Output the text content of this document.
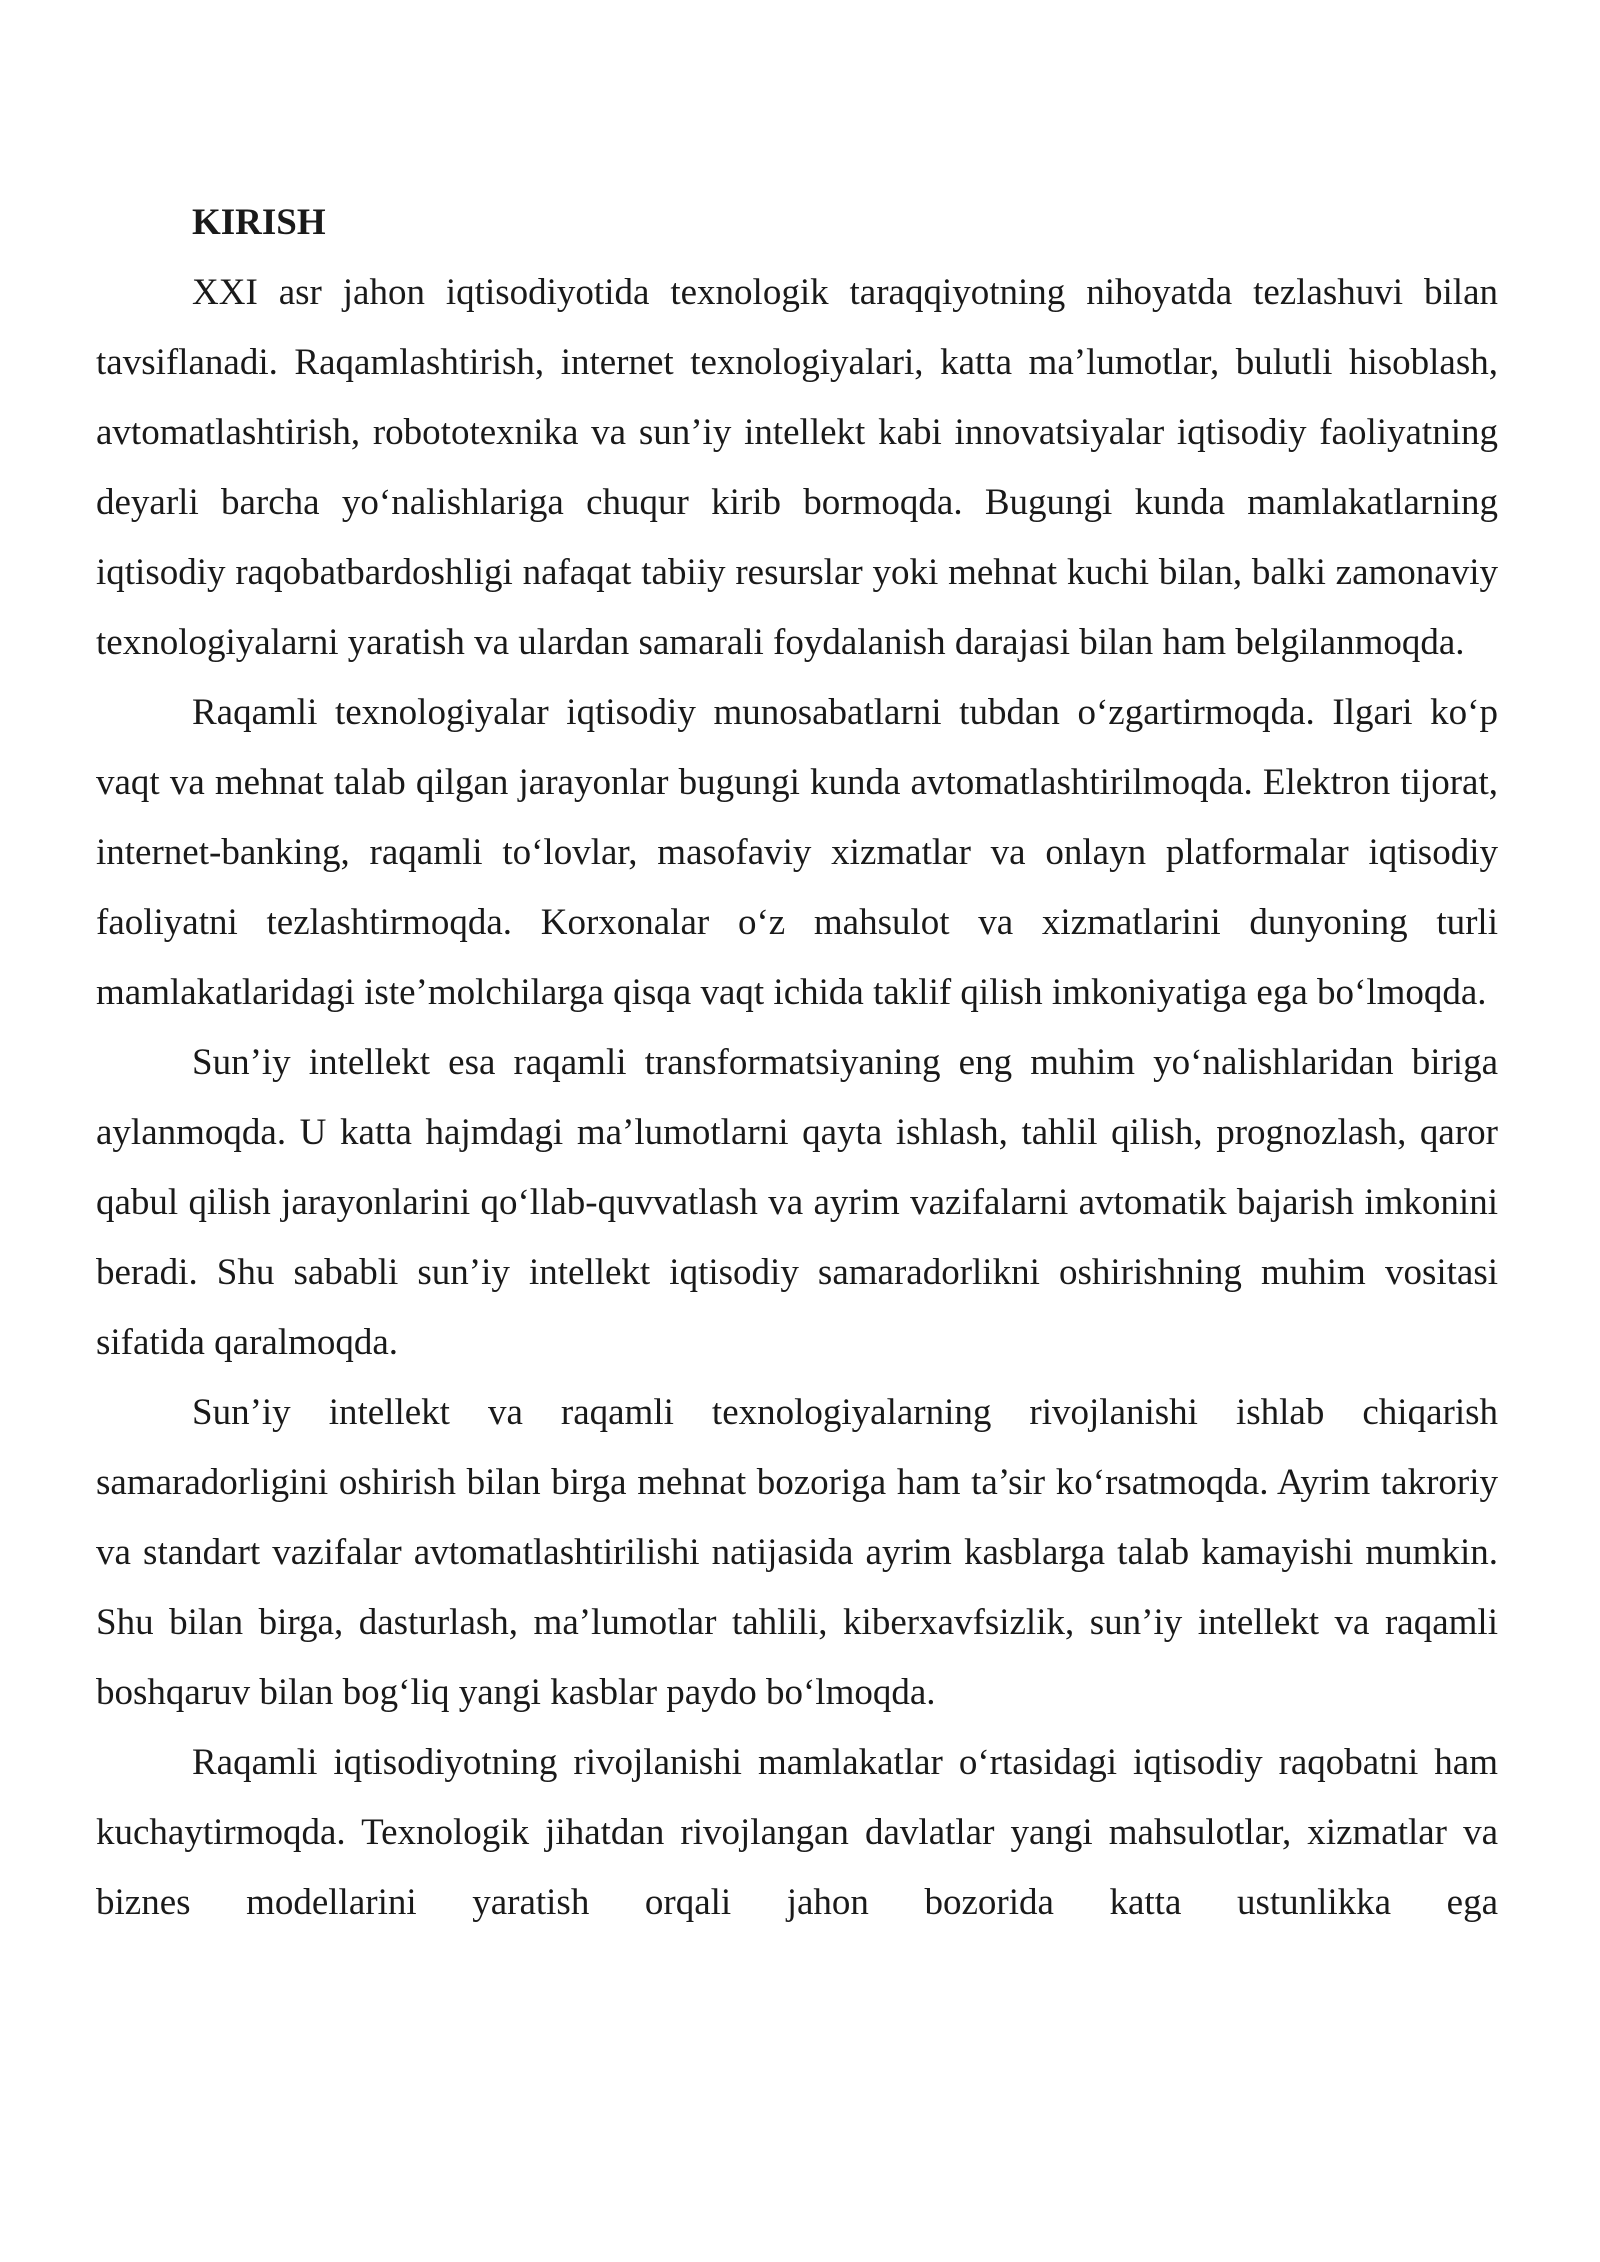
KIRISH

XXI asr jahon iqtisodiyotida texnologik taraqqiyotning nihoyatda tezlashuvi bilan tavsiflanadi. Raqamlashtirish, internet texnologiyalari, katta ma’lumotlar, bulutli hisoblash, avtomatlashtirish, robototexnika va sun’iy intellekt kabi innovatsiyalar iqtisodiy faoliyatning deyarli barcha yo‘nalishlariga chuqur kirib bormoqda. Bugungi kunda mamlakatlarning iqtisodiy raqobatbardoshligi nafaqat tabiiy resurslar yoki mehnat kuchi bilan, balki zamonaviy texnologiyalarni yaratish va ulardan samarali foydalanish darajasi bilan ham belgilanmoqda.

Raqamli texnologiyalar iqtisodiy munosabatlarni tubdan o‘zgartirmoqda. Ilgari ko‘p vaqt va mehnat talab qilgan jarayonlar bugungi kunda avtomatlashtirilmoqda. Elektron tijorat, internet-banking, raqamli to‘lovlar, masofaviy xizmatlar va onlayn platformalar iqtisodiy faoliyatni tezlashtirmoqda. Korxonalar o‘z mahsulot va xizmatlarini dunyoning turli mamlakatlaridagi iste’molchilarga qisqa vaqt ichida taklif qilish imkoniyatiga ega bo‘lmoqda.

Sun’iy intellekt esa raqamli transformatsiyaning eng muhim yo‘nalishlaridan biriga aylanmoqda. U katta hajmdagi ma’lumotlarni qayta ishlash, tahlil qilish, prognozlash, qaror qabul qilish jarayonlarini qo‘llab-quvvatlash va ayrim vazifalarni avtomatik bajarish imkonini beradi. Shu sababli sun’iy intellekt iqtisodiy samaradorlikni oshirishning muhim vositasi sifatida qaralmoqda.

Sun’iy intellekt va raqamli texnologiyalarning rivojlanishi ishlab chiqarish samaradorligini oshirish bilan birga mehnat bozoriga ham ta’sir ko‘rsatmoqda. Ayrim takroriy va standart vazifalar avtomatlashtirilishi natijasida ayrim kasblarga talab kamayishi mumkin. Shu bilan birga, dasturlash, ma’lumotlar tahlili, kiberxavfsizlik, sun’iy intellekt va raqamli boshqaruv bilan bog‘liq yangi kasblar paydo bo‘lmoqda.

Raqamli iqtisodiyotning rivojlanishi mamlakatlar o‘rtasidagi iqtisodiy raqobatni ham kuchaytirmoqda. Texnologik jihatdan rivojlangan davlatlar yangi mahsulotlar, xizmatlar va biznes modellarini yaratish orqali jahon bozorida katta ustunlikka ega
